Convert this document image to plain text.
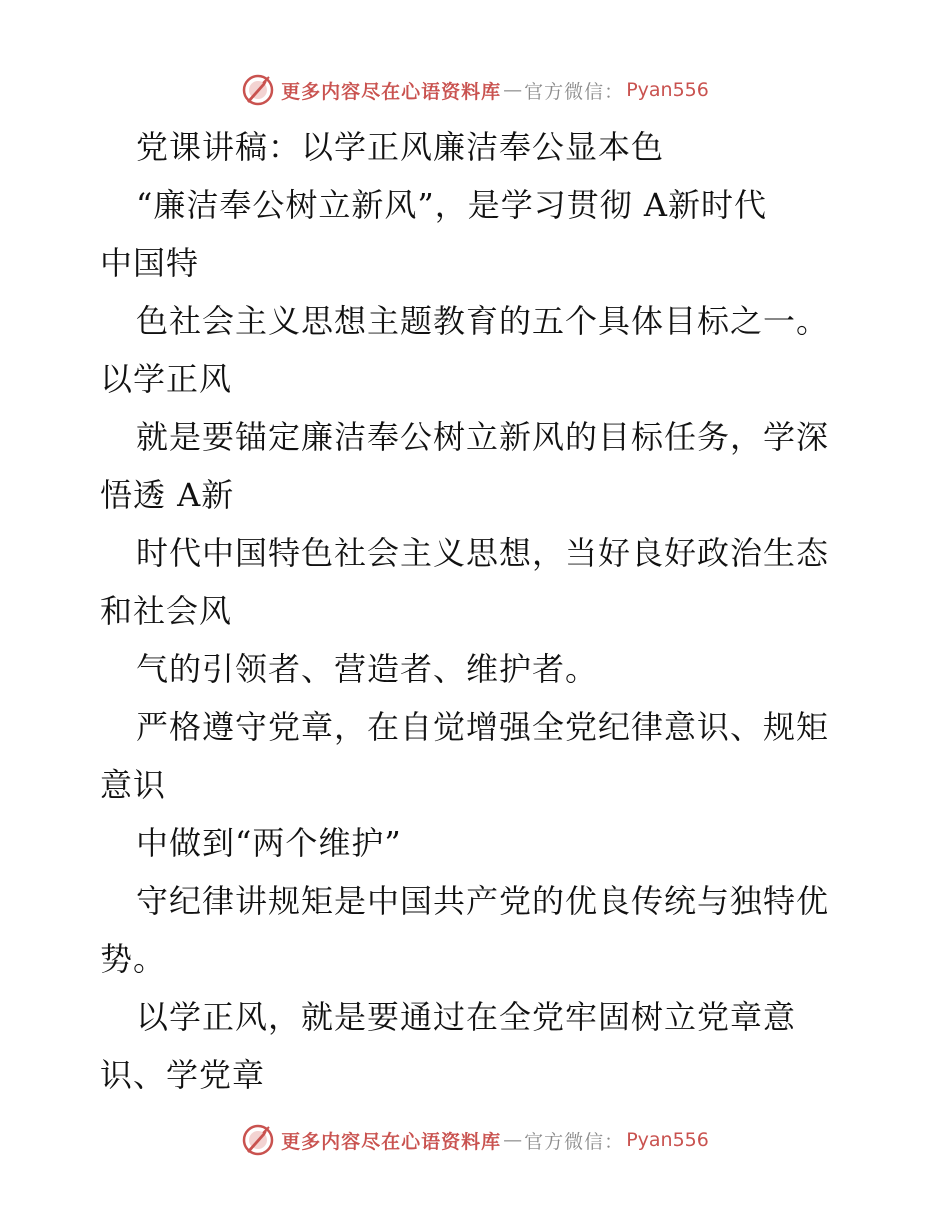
更多内容尽在心语资料库 — 官方微信： Pyan556
党课讲稿：以学正风廉洁奉公显本色
“廉洁奉公树立新风”，是学习贯彻 A新时代
中国特
色社会主义思想主题教育的五个具体目标之一。
以学正风
就是要锚定廉洁奉公树立新风的目标任务，学深
悟透 A新
时代中国特色社会主义思想，当好良好政治生态
和社会风
气的引领者、营造者、维护者。
严格遵守党章，在自觉增强全党纪律意识、规矩
意识
中做到“两个维护”
守纪律讲规矩是中国共产党的优良传统与独特优
势。
以学正风，就是要通过在全党牢固树立党章意
识、学党章
更多内容尽在心语资料库 — 官方微信： Pyan556
